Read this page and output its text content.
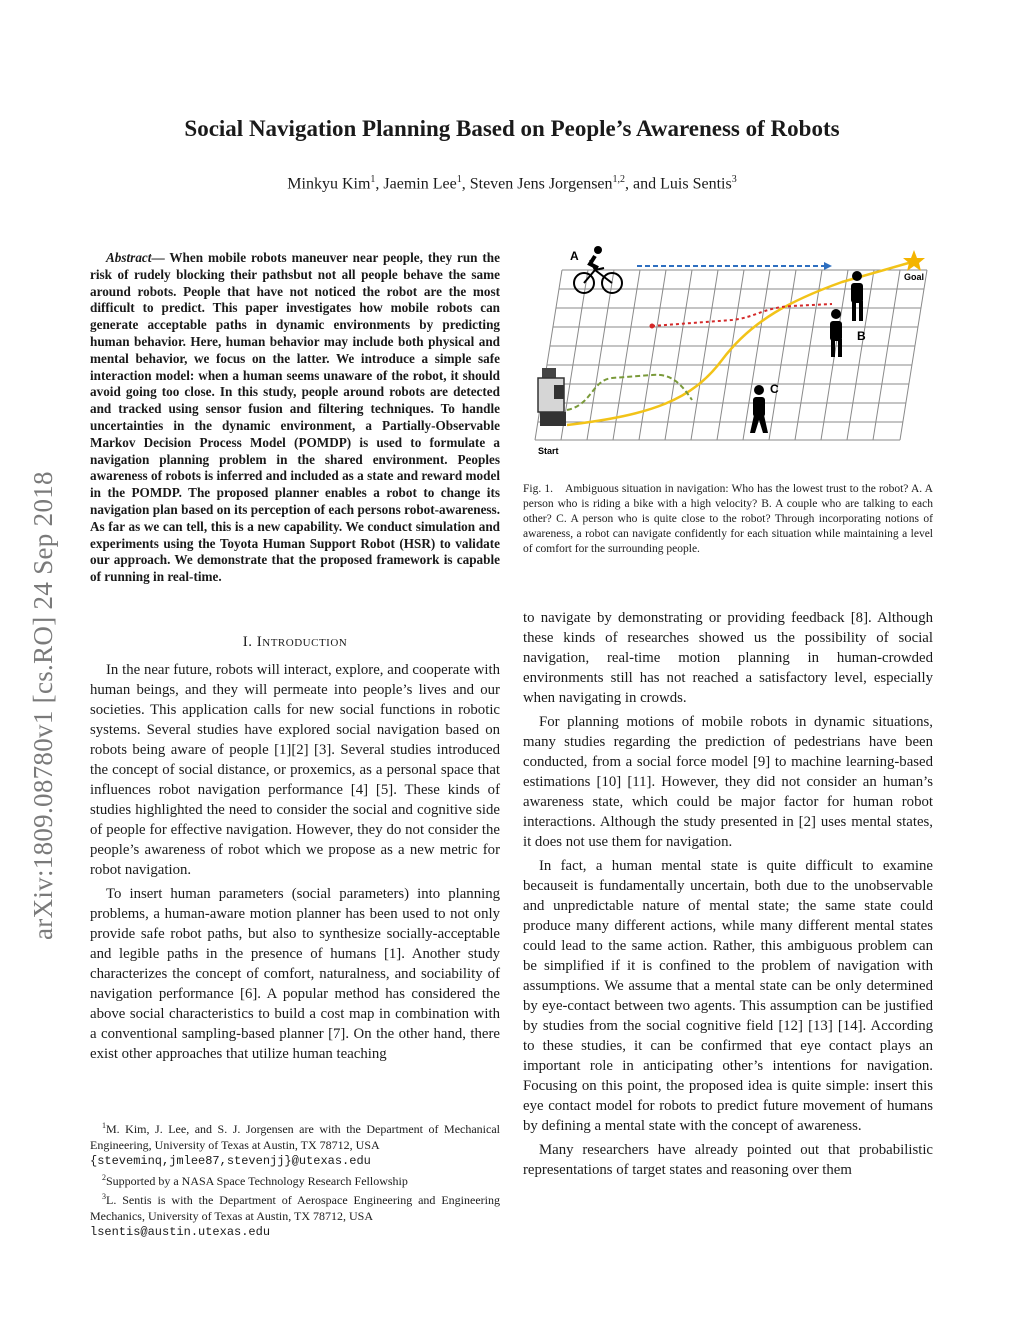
arXiv:1809.08780v1 [cs.RO] 24 Sep 2018
Social Navigation Planning Based on People’s Awareness of Robots
Minkyu Kim$^1$, Jaemin Lee$^1$, Steven Jens Jorgensen$^{1,2}$, and Luis Sentis$^3$
Abstract— When mobile robots maneuver near people, they run the risk of rudely blocking their pathsbut not all people behave the same around robots. People that have not noticed the robot are the most difficult to predict. This paper investigates how mobile robots can generate acceptable paths in dynamic environments by predicting human behavior. Here, human behavior may include both physical and mental behavior, we focus on the latter. We introduce a simple safe interaction model: when a human seems unaware of the robot, it should avoid going too close. In this study, people around robots are detected and tracked using sensor fusion and filtering techniques. To handle uncertainties in the dynamic environment, a Partially-Observable Markov Decision Process Model (POMDP) is used to formulate a navigation planning problem in the shared environment. Peoples awareness of robots is inferred and included as a state and reward model in the POMDP. The proposed planner enables a robot to change its navigation plan based on its perception of each persons robot-awareness. As far as we can tell, this is a new capability. We conduct simulation and experiments using the Toyota Human Support Robot (HSR) to validate our approach. We demonstrate that the proposed framework is capable of running in real-time.
I. Introduction

In the near future, robots will interact, explore, and cooperate with human beings, and they will permeate into people’s lives and our societies. This application calls for new social functions in robotic systems. Several studies have explored social navigation based on robots being aware of people [1][2] [3]. Several studies introduced the concept of social distance, or proxemics, as a personal space that influences robot navigation performance [4] [5]. These kinds of studies highlighted the need to consider the social and cognitive side of people for effective navigation. However, they do not consider the people’s awareness of robot which we propose as a new metric for robot navigation.

To insert human parameters (social parameters) into planning problems, a human-aware motion planner has been used to not only provide safe robot paths, but also to synthesize socially-acceptable and legible paths in the presence of humans [1]. Another study characterizes the concept of comfort, naturalness, and sociability of navigation performance [6]. A popular method has considered the above social characteristics to build a cost map in combination with a conventional sampling-based planner [7]. On the other hand, there exist other approaches that utilize human teaching

$^1$M. Kim, J. Lee, and S. J. Jorgensen are with the Department of Mechanical Engineering, University of Texas at Austin, TX 78712, USA
{steveminq,jmlee87,stevenjj}@utexas.edu

$^2$Supported by a NASA Space Technology Research Fellowship

$^3$L. Sentis is with the Department of Aerospace Engineering and Engineering Mechanics, University of Texas at Austin, TX 78712, USA
lsentis@austin.utexas.edu

A
B
C
Goal
Start
Fig. 1. Ambiguous situation in navigation: Who has the lowest trust to the robot? A. A person who is riding a bike with a high velocity? B. A couple who are talking to each other? C. A person who is quite close to the robot? Through incorporating notions of awareness, a robot can navigate confidently for each situation while maintaining a level of comfort for the surrounding people.

to navigate by demonstrating or providing feedback [8]. Although these kinds of researches showed us the possibility of social navigation, real-time motion planning in human-crowded environments still has not reached a satisfactory level, especially when navigating in crowds.

For planning motions of mobile robots in dynamic situations, many studies regarding the prediction of pedestrians have been conducted, from a social force model [9] to machine learning-based estimations [10] [11]. However, they did not consider an human’s awareness state, which could be major factor for human robot interactions. Although the study presented in [2] uses mental states, it does not use them for navigation.

In fact, a human mental state is quite difficult to examine becauseit is fundamentally uncertain, both due to the unobservable and unpredictable nature of mental state; the same state could produce many different actions, while many different mental states could lead to the same action. Rather, this ambiguous problem can be simplified if it is confined to the problem of navigation with assumptions. We assume that a mental state can be only determined by eye-contact between two agents. This assumption can be justified by studies from the social cognitive field [12] [13] [14]. According to these studies, it can be confirmed that eye contact plays an important role in anticipating other’s intentions for navigation. Focusing on this point, the proposed idea is quite simple: insert this eye contact model for robots to predict future movement of humans by defining a mental state with the concept of awareness.

Many researchers have already pointed out that probabilistic representations of target states and reasoning over them
